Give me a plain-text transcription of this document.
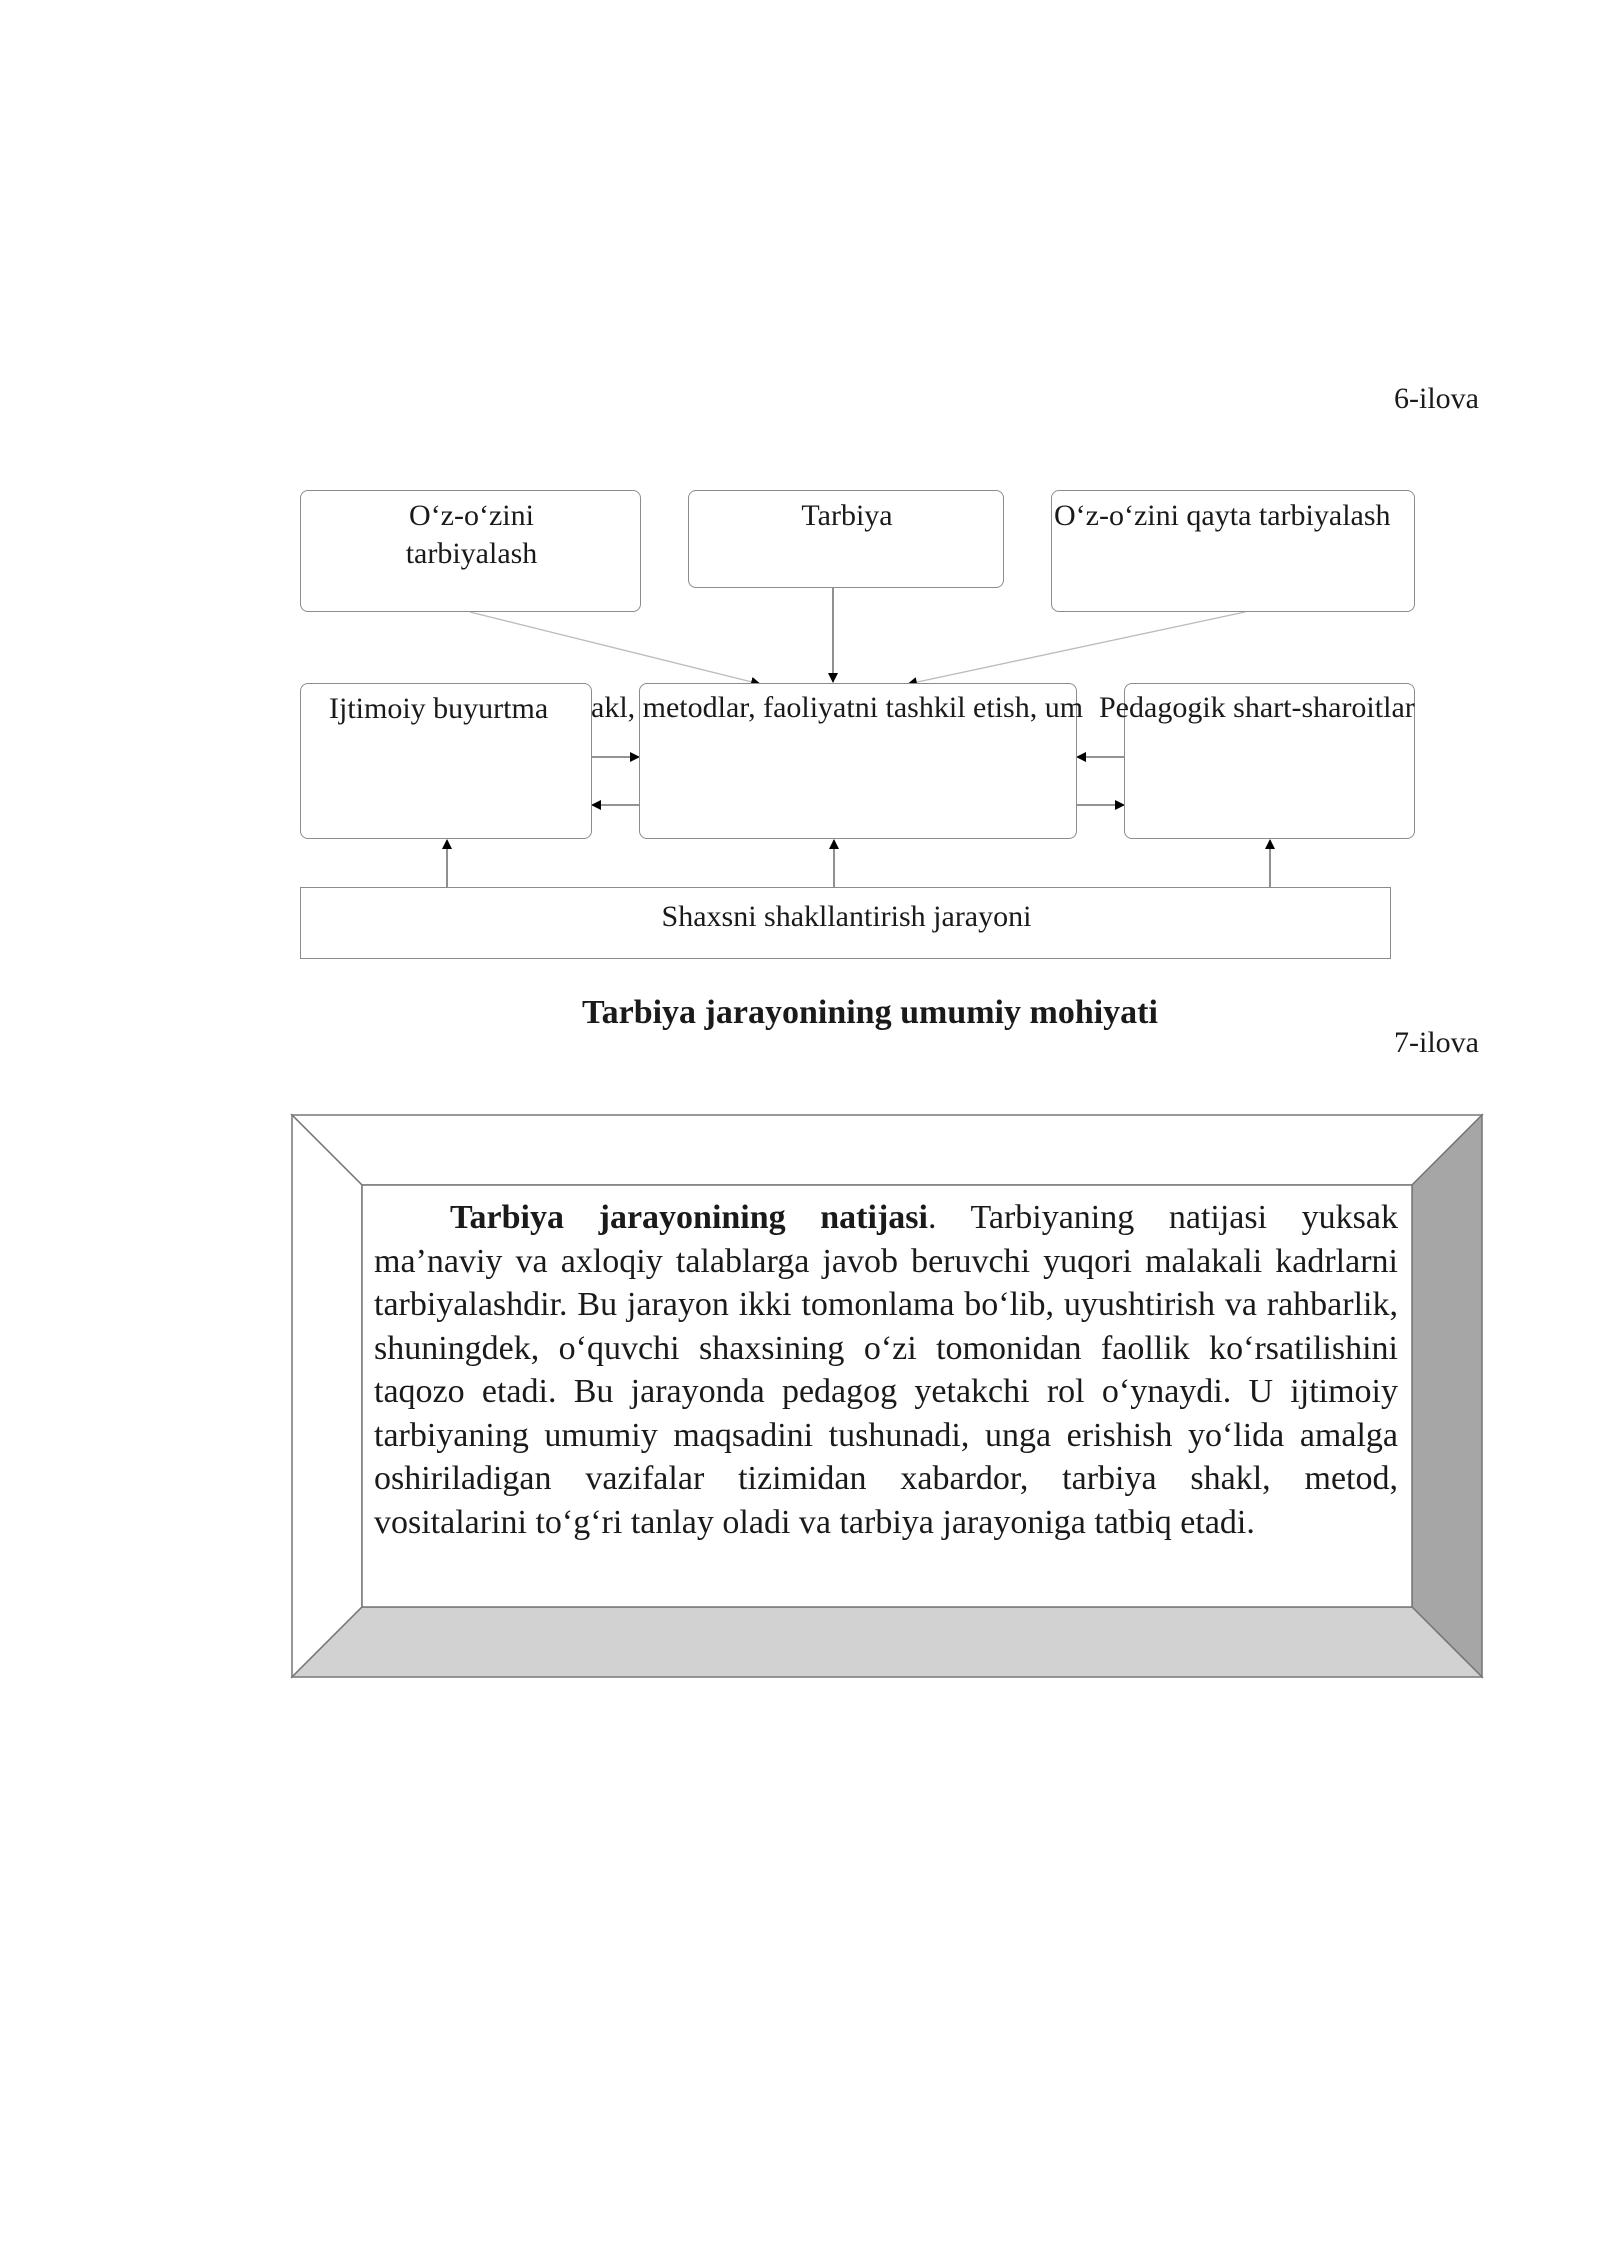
6-ilova
7-ilova
O‘z-o‘zini tarbiyalash
Tarbiya	O‘z-o‘zini qayta tarbiyalash
Ijtimoiy buyurtma akl, metodlar, faoliyatni tashkil etish, um Pedagogik shart-sharoitlar
Shaxsni shakllantirish jarayoni
Tarbiya jarayonining umumiy mohiyati

Tarbiya jarayonining natijasi. Tarbiyaning natijasi yuksak ma’naviy va axloqiy talablarga javob beruvchi yuqori malakali kadrlarni tarbiyalashdir. Bu jarayon ikki tomonlama bo‘lib, uyushtirish va rahbarlik, shuningdek, o‘quvchi shaxsining o‘zi tomonidan faollik ko‘rsatilishini taqozo etadi. Bu jarayonda pedagog yetakchi rol o‘ynaydi. U ijtimoiy tarbiyaning umumiy maqsadini tushunadi, unga erishish yo‘lida amalga oshiriladigan vazifalar tizimidan xabardor, tarbiya shakl, metod, vositalarini to‘g‘ri tanlay oladi va tarbiya jarayoniga tatbiq etadi.
